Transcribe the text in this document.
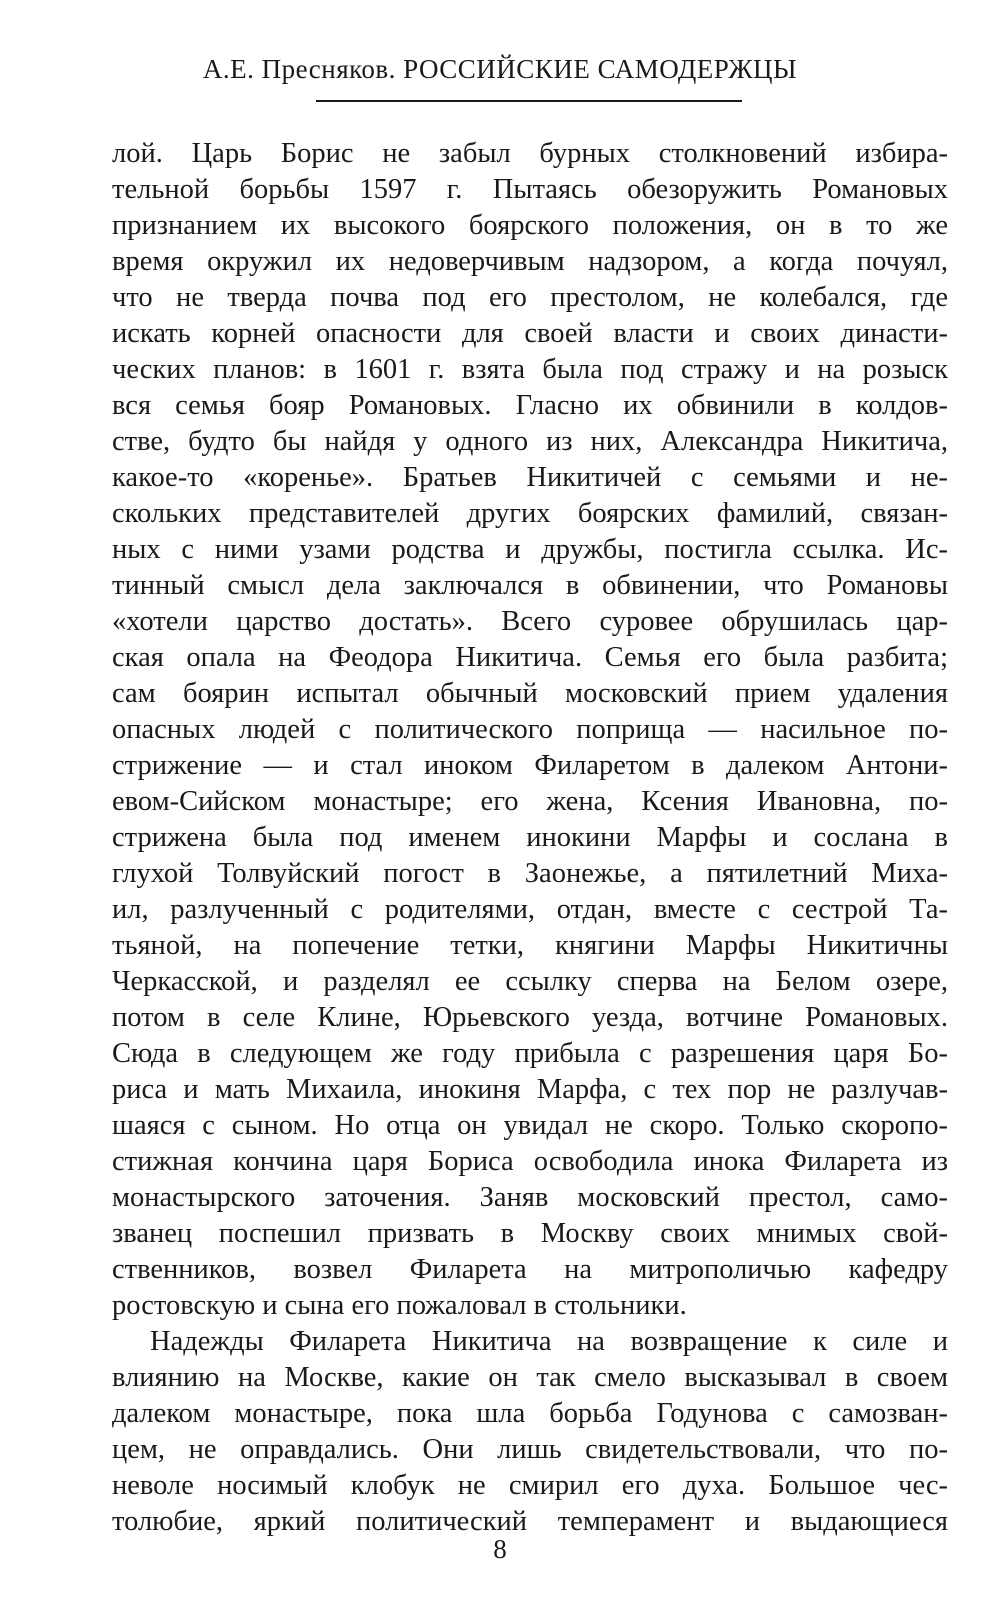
А.Е. Пресняков. РОССИЙСКИЕ САМОДЕРЖЦЫ
лой. Царь Борис не забыл бурных столкновений избира-
тельной борьбы 1597 г. Пытаясь обезоружить Романовых
признанием их высокого боярского положения, он в то же
время окружил их недоверчивым надзором, а когда почуял,
что не тверда почва под его престолом, не колебался, где
искать корней опасности для своей власти и своих династи-
ческих планов: в 1601 г. взята была под стражу и на розыск
вся семья бояр Романовых. Гласно их обвинили в колдов-
стве, будто бы найдя у одного из них, Александра Никитича,
какое-то «коренье». Братьев Никитичей с семьями и не-
скольких представителей других боярских фамилий, связан-
ных с ними узами родства и дружбы, постигла ссылка. Ис-
тинный смысл дела заключался в обвинении, что Романовы
«хотели царство достать». Всего суровее обрушилась цар-
ская опала на Феодора Никитича. Семья его была разбита;
сам боярин испытал обычный московский прием удаления
опасных людей с политического поприща — насильное по-
стрижение — и стал иноком Филаретом в далеком Антони-
евом-Сийском монастыре; его жена, Ксения Ивановна, по-
стрижена была под именем инокини Марфы и сослана в
глухой Толвуйский погост в Заонежье, а пятилетний Миха-
ил, разлученный с родителями, отдан, вместе с сестрой Та-
тьяной, на попечение тетки, княгини Марфы Никитичны
Черкасской, и разделял ее ссылку сперва на Белом озере,
потом в селе Клине, Юрьевского уезда, вотчине Романовых.
Сюда в следующем же году прибыла с разрешения царя Бо-
риса и мать Михаила, инокиня Марфа, с тех пор не разлучав-
шаяся с сыном. Но отца он увидал не скоро. Только скоропо-
стижная кончина царя Бориса освободила инока Филарета из
монастырского заточения. Заняв московский престол, само-
званец поспешил призвать в Москву своих мнимых свой-
ственников, возвел Филарета на митрополичью кафедру
ростовскую и сына его пожаловал в стольники.
Надежды Филарета Никитича на возвращение к силе и
влиянию на Москве, какие он так смело высказывал в своем
далеком монастыре, пока шла борьба Годунова с самозван-
цем, не оправдались. Они лишь свидетельствовали, что по-
неволе носимый клобук не смирил его духа. Большое чес-
толюбие, яркий политический темперамент и выдающиеся
8
